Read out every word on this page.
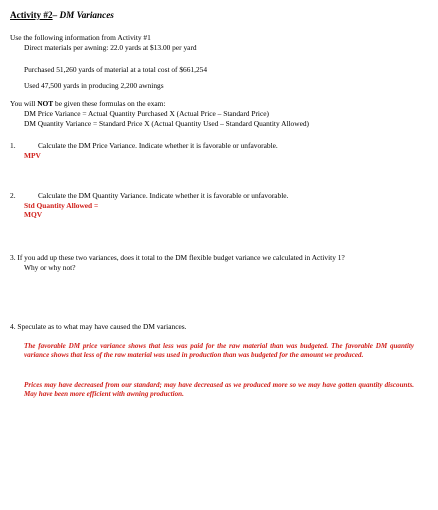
Activity #2– DM Variances
Use the following information from Activity #1
Direct materials per awning: 22.0 yards at $13.00 per yard
Purchased 51,260 yards of material at a total cost of $661,254
Used 47,500 yards in producing 2,200 awnings
You will NOT be given these formulas on the exam:
DM Price Variance = Actual Quantity Purchased X (Actual Price – Standard Price)
DM Quantity Variance = Standard Price X (Actual Quantity Used – Standard Quantity Allowed)
1.	Calculate the DM Price Variance. Indicate whether it is favorable or unfavorable.
MPV
2.	Calculate the DM Quantity Variance. Indicate whether it is favorable or unfavorable.
Std Quantity Allowed =
MQV
3. If you add up these two variances, does it total to the DM flexible budget variance we calculated in Activity 1?
Why or why not?
4. Speculate as to what may have caused the DM variances.
The favorable DM price variance shows that less was paid for the raw material than was budgeted. The favorable DM quantity variance shows that less of the raw material was used in production than was budgeted for the amount we produced.
Prices may have decreased from our standard; may have decreased as we produced more so we may have gotten quantity discounts. May have been more efficient with awning production.
